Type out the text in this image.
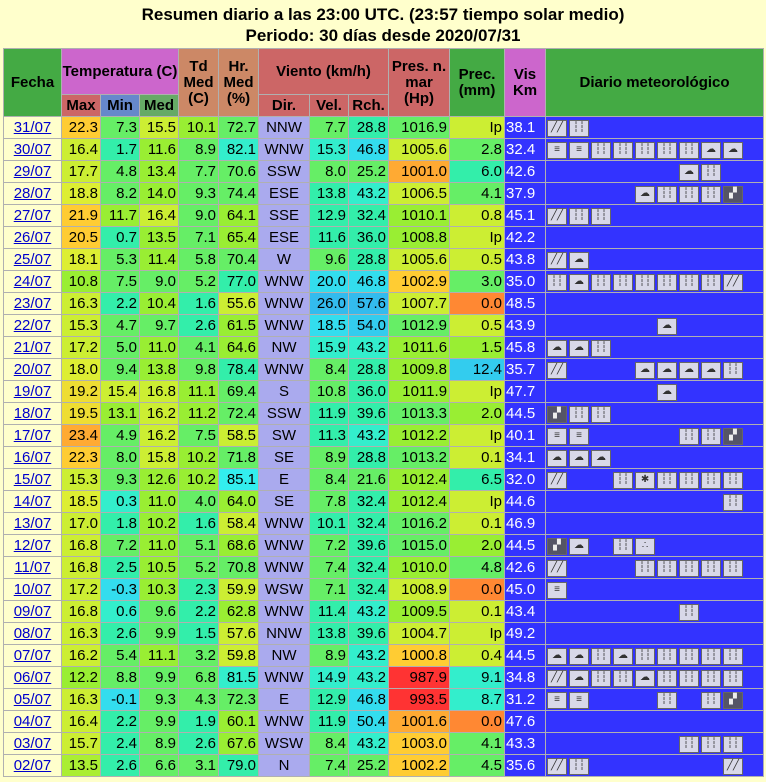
Resumen diario a las 23:00 UTC. (23:57 tiempo solar medio)
Periodo: 30 días desde 2020/07/31
Fecha	Temperatura (C)			Td Med (C)	Hr. Med (%)	Viento (km/h)			Pres. n. mar (Hp)	Prec. (mm)	Vis Km	Diario meteorológico
	Max	Min	Med			Dir.	Vel.	Rch.				
31/07	22.3	7.3	15.5	10.1	72.7	NNW	7.7	28.8	1016.9	Ip	38.1	╱╱ ┆┆
30/07	16.4	1.7	11.6	8.9	82.1	WNW	15.3	46.8	1005.6	2.8	32.4	≡ ≡ ┆┆ ┆┆ ┆┆ ┆┆ ┆┆ ☁ ☁
29/07	17.7	4.8	13.4	7.7	70.6	SSW	8.0	25.2	1001.0	6.0	42.6	☁ ┆┆
28/07	18.8	8.2	14.0	9.3	74.4	ESE	13.8	43.2	1006.5	4.1	37.9	☁ ┆┆ ┆┆ ┆┆ ▞
27/07	21.9	11.7	16.4	9.0	64.1	SSE	12.9	32.4	1010.1	0.8	45.1	╱╱ ┆┆ ┆┆
26/07	20.5	0.7	13.5	7.1	65.4	ESE	11.6	36.0	1008.8	Ip	42.2	
25/07	18.1	5.3	11.4	5.8	70.4	W	9.6	28.8	1005.6	0.5	43.8	╱╱ ☁
24/07	10.8	7.5	9.0	5.2	77.0	WNW	20.0	46.8	1002.9	3.0	35.0	┆┆ ☁ ┆┆ ┆┆ ┆┆ ┆┆ ┆┆ ┆┆ ╱╱
23/07	16.3	2.2	10.4	1.6	55.6	WNW	26.0	57.6	1007.7	0.0	48.5	
22/07	15.3	4.7	9.7	2.6	61.5	WNW	18.5	54.0	1012.9	0.5	43.9	☁
21/07	17.2	5.0	11.0	4.1	64.6	NW	15.9	43.2	1011.6	1.5	45.8	☁ ☁ ┆┆
20/07	18.0	9.4	13.8	9.8	78.4	WNW	8.4	28.8	1009.8	12.4	35.7	╱╱ ☁ ☁ ☁ ☁ ┆┆
19/07	19.2	15.4	16.8	11.1	69.4	S	10.8	36.0	1011.9	Ip	47.7	☁
18/07	19.5	13.1	16.2	11.2	72.4	SSW	11.9	39.6	1013.3	2.0	44.5	▞ ┆┆ ┆┆
17/07	23.4	4.9	16.2	7.5	58.5	SW	11.3	43.2	1012.2	Ip	40.1	≡ ≡ ┆┆ ┆┆ ▞
16/07	22.3	8.0	15.8	10.2	71.8	SE	8.9	28.8	1013.2	0.1	34.1	☁ ☁ ☁
15/07	15.3	9.3	12.6	10.2	85.1	E	8.4	21.6	1012.4	6.5	32.0	╱╱ ┆┆ ✱ ┆┆ ┆┆ ┆┆ ┆┆
14/07	18.5	0.3	11.0	4.0	64.0	SE	7.8	32.4	1012.4	Ip	44.6	┆┆
13/07	17.0	1.8	10.2	1.6	58.4	WNW	10.1	32.4	1016.2	0.1	46.9	
12/07	16.8	7.2	11.0	5.1	68.6	WNW	7.2	39.6	1015.0	2.0	44.5	▞ ☁ ┆┆ ∴
11/07	16.8	2.5	10.5	5.2	70.8	WNW	7.4	32.4	1010.0	4.8	42.6	╱╱ ┆┆ ┆┆ ┆┆ ┆┆ ┆┆
10/07	17.2	-0.3	10.3	2.3	59.9	WSW	7.1	32.4	1008.9	0.0	45.0	≡
09/07	16.8	0.6	9.6	2.2	62.8	WNW	11.4	43.2	1009.5	0.1	43.4	┆┆
08/07	16.3	2.6	9.9	1.5	57.6	NNW	13.8	39.6	1004.7	Ip	49.2	
07/07	16.2	5.4	11.1	3.2	59.8	NW	8.9	43.2	1000.8	0.4	44.5	☁ ☁ ┆┆ ☁ ┆┆ ┆┆ ┆┆ ┆┆ ┆┆
06/07	12.2	8.8	9.9	6.8	81.5	WNW	14.9	43.2	987.9	9.1	34.8	╱╱ ☁ ┆┆ ┆┆ ☁ ┆┆ ┆┆ ┆┆ ┆┆
05/07	16.3	-0.1	9.3	4.3	72.3	E	12.9	46.8	993.5	8.7	31.2	≡ ≡ ┆┆ ┆┆ ▞
04/07	16.4	2.2	9.9	1.9	60.1	WNW	11.9	50.4	1001.6	0.0	47.6	
03/07	15.7	2.4	8.9	2.6	67.6	WSW	8.4	43.2	1003.0	4.1	43.3	┆┆ ┆┆ ┆┆
02/07	13.5	2.6	6.6	3.1	79.0	N	7.4	25.2	1002.2	4.5	35.6	╱╱ ┆┆ ╱╱
